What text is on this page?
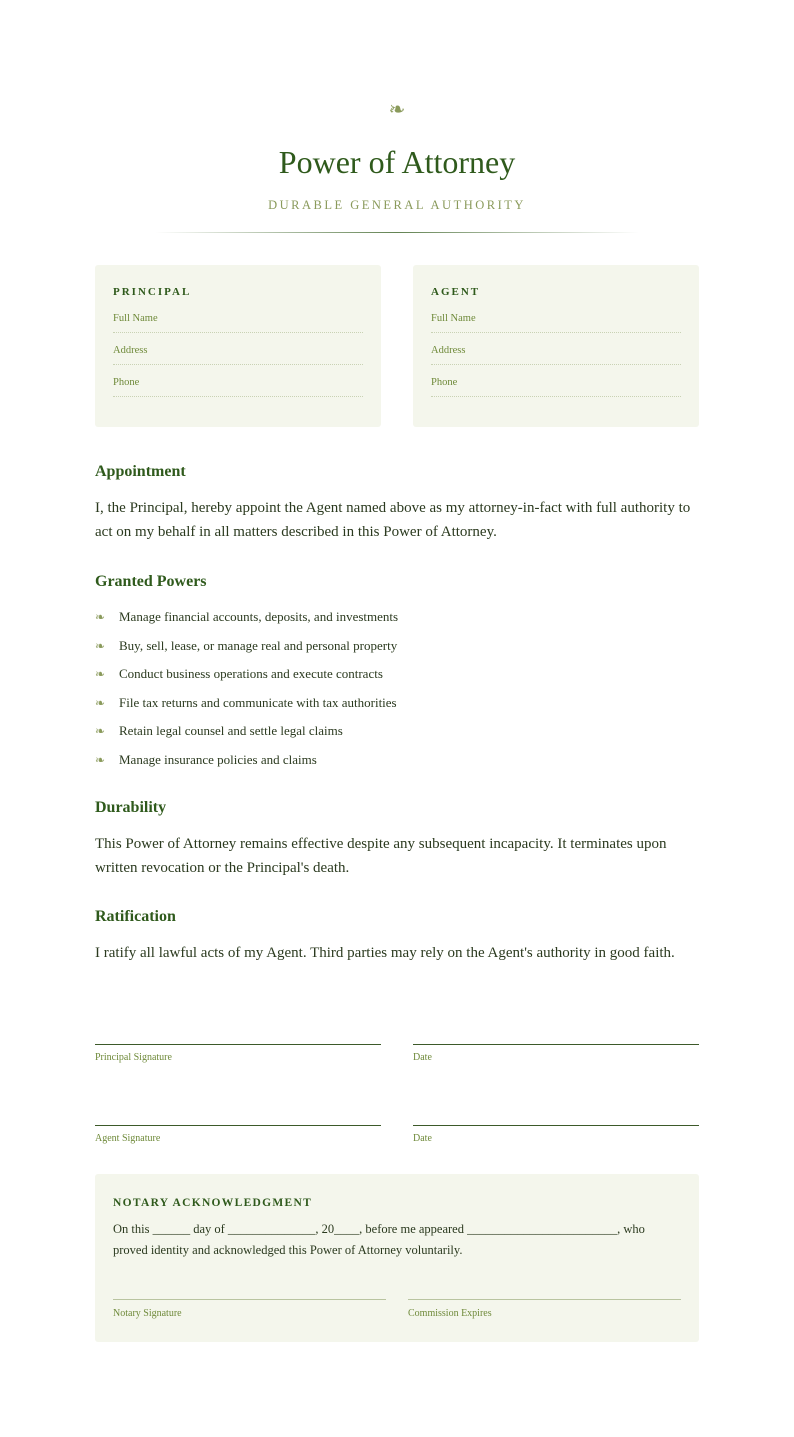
❧
Power of Attorney
DURABLE GENERAL AUTHORITY
PRINCIPAL
Full Name
Address
Phone
AGENT
Full Name
Address
Phone
Appointment
I, the Principal, hereby appoint the Agent named above as my attorney-in-fact with full authority to act on my behalf in all matters described in this Power of Attorney.
Granted Powers
❧ Manage financial accounts, deposits, and investments
❧ Buy, sell, lease, or manage real and personal property
❧ Conduct business operations and execute contracts
❧ File tax returns and communicate with tax authorities
❧ Retain legal counsel and settle legal claims
❧ Manage insurance policies and claims
Durability
This Power of Attorney remains effective despite any subsequent incapacity. It terminates upon written revocation or the Principal's death.
Ratification
I ratify all lawful acts of my Agent. Third parties may rely on the Agent's authority in good faith.
Principal Signature	Date
Agent Signature	Date
NOTARY ACKNOWLEDGMENT
On this ______ day of ______________, 20____, before me appeared ________________________, who proved identity and acknowledged this Power of Attorney voluntarily.
Notary Signature	Commission Expires
